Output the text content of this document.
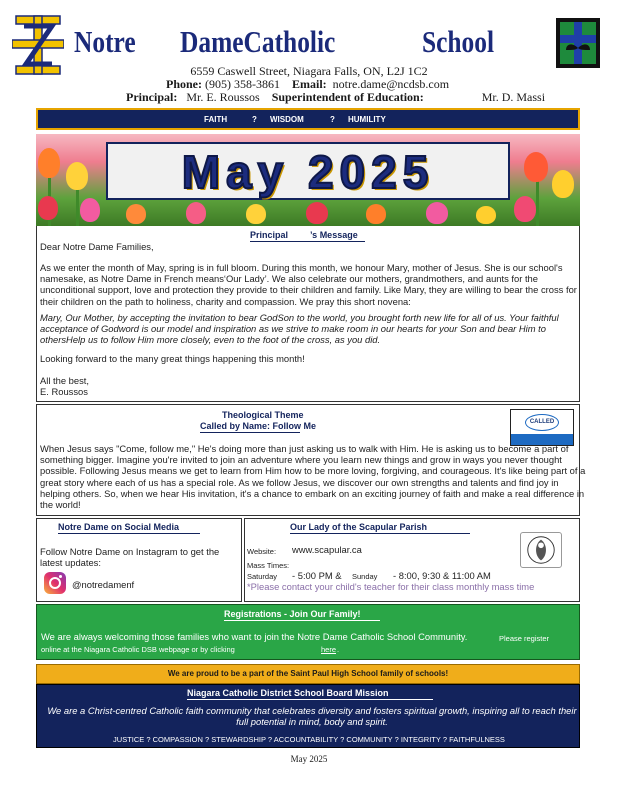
Notre DameCatholic	School
6559 Caswell Street, Niagara Falls, ON, L2J 1C2
Phone: (905) 358-3861 Email: notre.dame@ncdsb.com
Principal: Mr. E. Roussos Superintendent of Education:	Mr. D. Massi
FAITH	? WISDOM	? HUMILITY
May 2025
Principal ’s Message
Dear Notre Dame Families,
As we enter the month of May, spring is in full bloom. During this month, we honour Mary, mother of Jesus. She is our school's namesake, as Notre Dame in French means‘Our Lady’. We also celebrate our mothers, grandmothers, and aunts for the unconditional support, love and protection they provide to their children and family. Like Mary, they are willing to bear the cross for their children on the path to holiness, charity and compassion. We pray this short novena:
Mary, Our Mother, by accepting the invitation to bear GodSon to the world, you brought forth new life for all of us. Your faithful acceptance of Godword is our model and inspiration as we strive to make room in our hearts for your Son and bear Him to othersHelp us to follow Him more closely, even to the foot of the cross, as you did.
Looking forward to the many great things happening this month!
All the best,
E. Roussos
Theological Theme
Called by Name: Follow Me	CALLED
When Jesus says "Come, follow me," He's doing more than just asking us to walk with Him. He is asking us to become a part of something bigger. Imagine you're invited to join an adventure where you learn new things and grow in ways you never thought possible. Following Jesus means we get to learn from Him how to be more loving, forgiving, and courageous. It's like being part of a great story where each of us has a special role. As we follow Jesus, we discover our own strengths and talents and find joy in helping others. So, when we hear His invitation, it's a chance to embark on an exciting journey of faith and make a real difference in the world!
Notre Dame on Social Media
Follow Notre Dame on Instagram to get the latest updates:
@notredamenf
Our Lady of the Scapular Parish
Website: www.scapular.ca
Mass Times:
Saturday - 5:00 PM & Sunday - 8:00, 9:30 & 11:00 AM
*Please contact your child's teacher for their class monthly mass time
Registrations - Join Our Family!
We are always welcoming those families who want to join the Notre Dame Catholic School Community.	Please register
online at the Niagara Catholic DSB webpage or by clicking	here .
We are proud to be a part of the Saint Paul High School family of schools!
Niagara Catholic District School Board Mission
We are a Christ-centred Catholic faith community that celebrates diversity and fosters spiritual growth, inspiring all to reach their full potential in mind, body and spirit.
JUSTICE ? COMPASSION ? STEWARDSHIP ? ACCOUNTABILITY ? COMMUNITY ? INTEGRITY ? FAITHFULNESS
May 2025
